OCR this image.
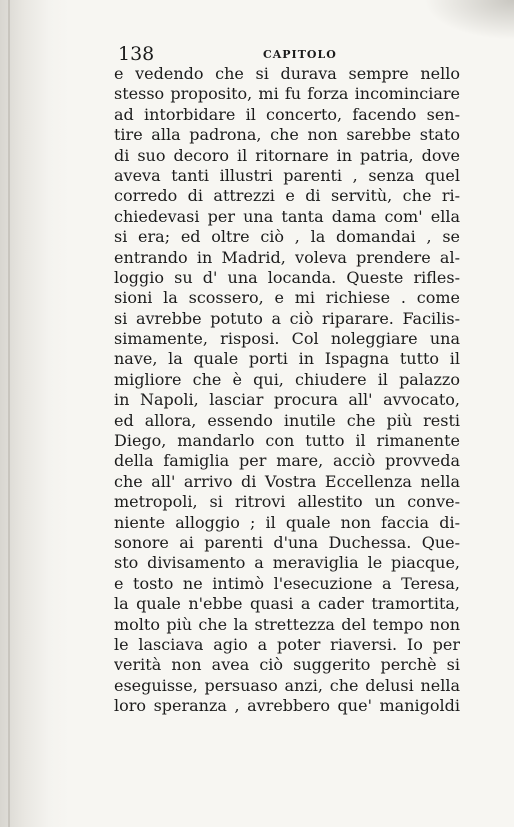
138	CAPITOLO
e vedendo che si durava sempre nello
stesso proposito, mi fu forza incominciare
ad intorbidare il concerto, facendo sen-
tire alla padrona, che non sarebbe stato
di suo decoro il ritornare in patria, dove
aveva tanti illustri parenti , senza quel
corredo di attrezzi e di servitù, che ri-
chiedevasi per una tanta dama com' ella
si era; ed oltre ciò , la domandai , se
entrando in Madrid, voleva prendere al-
loggio su d' una locanda. Queste rifles-
sioni la scossero, e mi richiese . come
si avrebbe potuto a ciò riparare. Facilis-
simamente, risposi. Col noleggiare una
nave, la quale porti in Ispagna tutto il
migliore che è qui, chiudere il palazzo
in Napoli, lasciar procura all' avvocato,
ed allora, essendo inutile che più resti
Diego, mandarlo con tutto il rimanente
della famiglia per mare, acciò provveda
che all' arrivo di Vostra Eccellenza nella
metropoli, si ritrovi allestito un conve-
niente alloggio ; il quale non faccia di-
sonore ai parenti d'una Duchessa. Que-
sto divisamento a meraviglia le piacque,
e tosto ne intimò l'esecuzione a Teresa,
la quale n'ebbe quasi a cader tramortita,
molto più che la strettezza del tempo non
le lasciava agio a poter riaversi. Io per
verità non avea ciò suggerito perchè si
eseguisse, persuaso anzi, che delusi nella
loro speranza , avrebbero que' manigoldi
